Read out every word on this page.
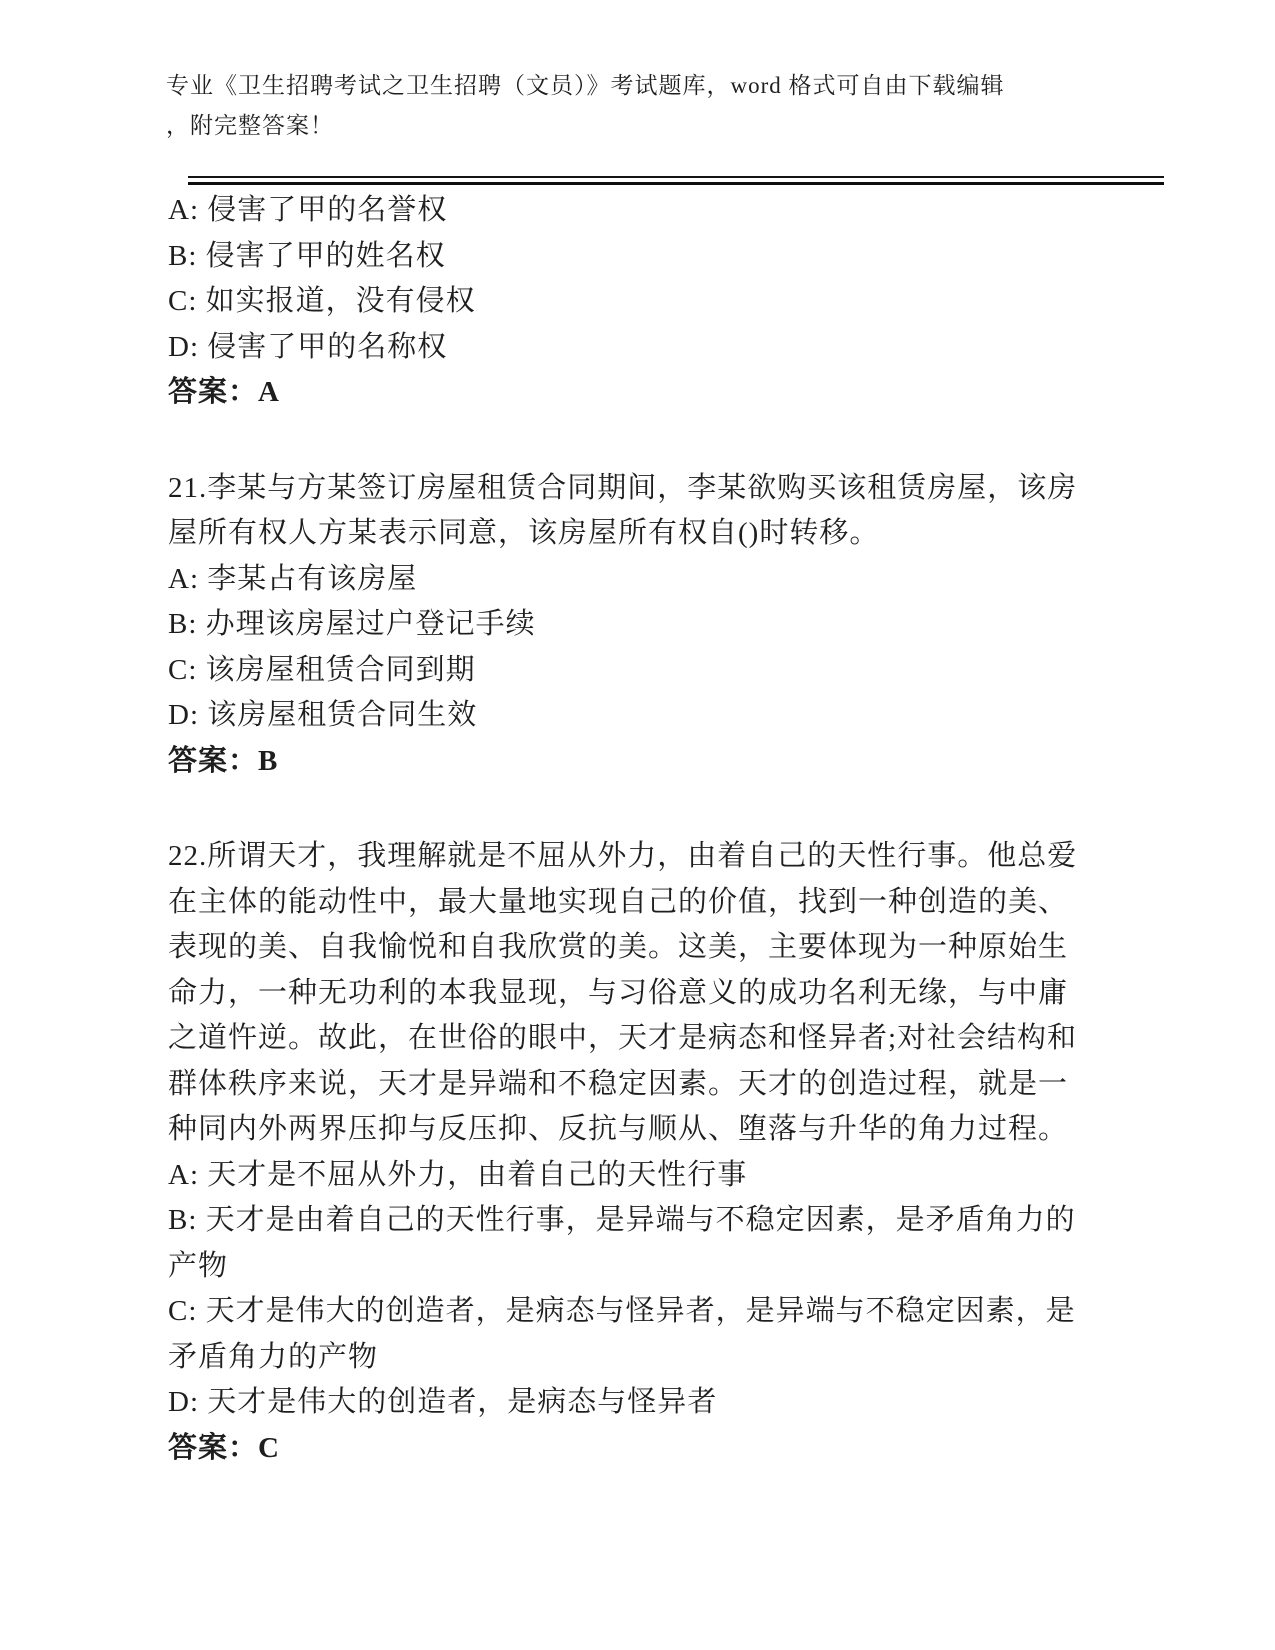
专业《卫生招聘考试之卫生招聘（文员）》考试题库，word 格式可自由下载编辑
，附完整答案！
A: 侵害了甲的名誉权
B: 侵害了甲的姓名权
C: 如实报道，没有侵权
D: 侵害了甲的名称权
答案：A
21.李某与方某签订房屋租赁合同期间，李某欲购买该租赁房屋，该房
屋所有权人方某表示同意，该房屋所有权自()时转移。
A: 李某占有该房屋
B: 办理该房屋过户登记手续
C: 该房屋租赁合同到期
D: 该房屋租赁合同生效
答案：B
22.所谓天才，我理解就是不屈从外力，由着自己的天性行事。他总爱
在主体的能动性中，最大量地实现自己的价值，找到一种创造的美、
表现的美、自我愉悦和自我欣赏的美。这美，主要体现为一种原始生
命力，一种无功利的本我显现，与习俗意义的成功名利无缘，与中庸
之道忤逆。故此，在世俗的眼中，天才是病态和怪异者;对社会结构和
群体秩序来说，天才是异端和不稳定因素。天才的创造过程，就是一
种同内外两界压抑与反压抑、反抗与顺从、堕落与升华的角力过程。
A: 天才是不屈从外力，由着自己的天性行事
B: 天才是由着自己的天性行事，是异端与不稳定因素，是矛盾角力的
产物
C: 天才是伟大的创造者，是病态与怪异者，是异端与不稳定因素，是
矛盾角力的产物
D: 天才是伟大的创造者，是病态与怪异者
答案：C
